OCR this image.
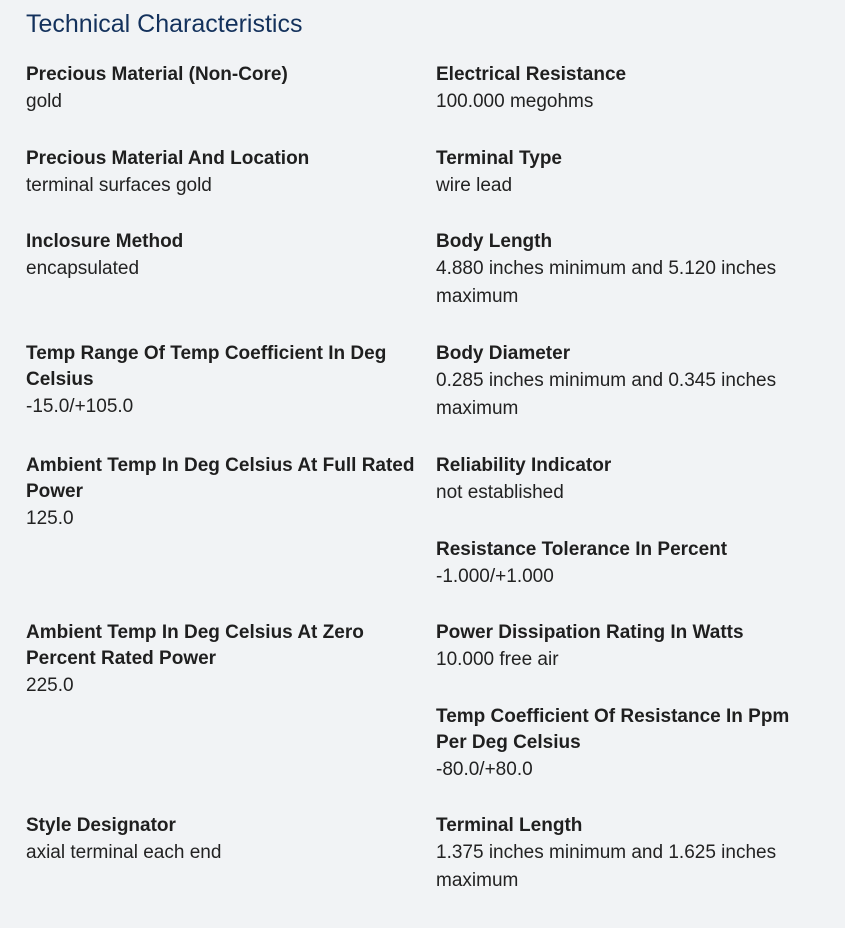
Technical Characteristics
Precious Material (Non-Core)
gold
Precious Material And Location
terminal surfaces gold
Inclosure Method
encapsulated
Temp Range Of Temp Coefficient In Deg Celsius
-15.0/+105.0
Ambient Temp In Deg Celsius At Full Rated Power
125.0
Ambient Temp In Deg Celsius At Zero Percent Rated Power
225.0
Style Designator
axial terminal each end
Electrical Resistance
100.000 megohms
Terminal Type
wire lead
Body Length
4.880 inches minimum and 5.120 inches maximum
Body Diameter
0.285 inches minimum and 0.345 inches maximum
Reliability Indicator
not established
Resistance Tolerance In Percent
-1.000/+1.000
Power Dissipation Rating In Watts
10.000 free air
Temp Coefficient Of Resistance In Ppm Per Deg Celsius
-80.0/+80.0
Terminal Length
1.375 inches minimum and 1.625 inches maximum
